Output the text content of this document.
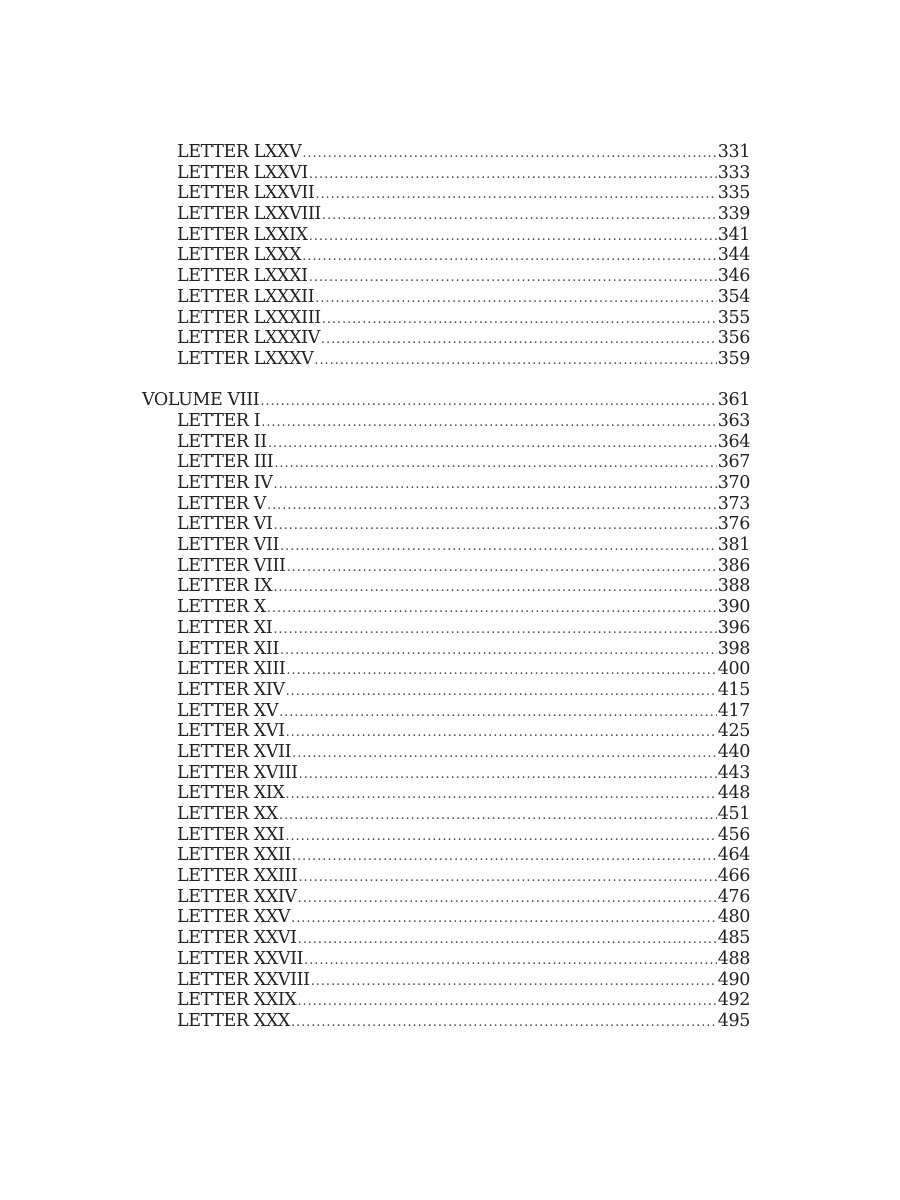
LETTER LXXV . . .	331
LETTER LXXVI . . .	333
LETTER LXXVII . . .	335
LETTER LXXVIII . . .	339
LETTER LXXIX . . .	341
LETTER LXXX . . .	344
LETTER LXXXI . . .	346
LETTER LXXXII . . .	354
LETTER LXXXIII . . .	355
LETTER LXXXIV . . .	356
LETTER LXXXV . . .	359
VOLUME VIII . . .	361
LETTER I . . .	363
LETTER II . . .	364
LETTER III . . .	367
LETTER IV . . .	370
LETTER V . . .	373
LETTER VI . . .	376
LETTER VII . . .	381
LETTER VIII . . .	386
LETTER IX . . .	388
LETTER X . . .	390
LETTER XI . . .	396
LETTER XII . . .	398
LETTER XIII . . .	400
LETTER XIV . . .	415
LETTER XV . . .	417
LETTER XVI . . .	425
LETTER XVII . . .	440
LETTER XVIII . . .	443
LETTER XIX . . .	448
LETTER XX . . .	451
LETTER XXI . . .	456
LETTER XXII . . .	464
LETTER XXIII . . .	466
LETTER XXIV . . .	476
LETTER XXV . . .	480
LETTER XXVI . . .	485
LETTER XXVII . . .	488
LETTER XXVIII . . .	490
LETTER XXIX . . .	492
LETTER XXX . . .	495
